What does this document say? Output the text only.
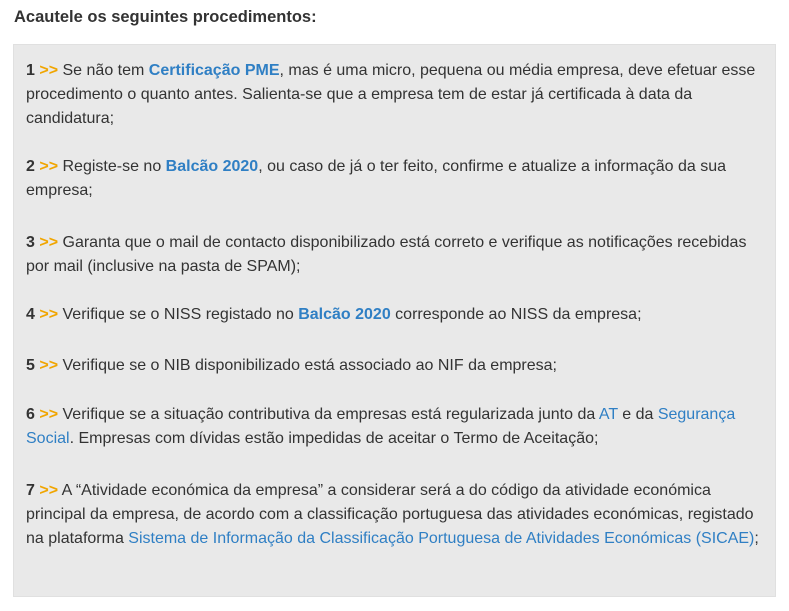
Acautele os seguintes procedimentos:
1 >> Se não tem Certificação PME, mas é uma micro, pequena ou média empresa, deve efetuar esse procedimento o quanto antes. Salienta-se que a empresa tem de estar já certificada à data da candidatura;
2 >> Registe-se no Balcão 2020, ou caso de já o ter feito, confirme e atualize a informação da sua empresa;
3 >> Garanta que o mail de contacto disponibilizado está correto e verifique as notificações recebidas por mail (inclusive na pasta de SPAM);
4 >> Verifique se o NISS registado no Balcão 2020 corresponde ao NISS da empresa;
5 >> Verifique se o NIB disponibilizado está associado ao NIF da empresa;
6 >> Verifique se a situação contributiva da empresas está regularizada junto da AT e da Segurança Social. Empresas com dívidas estão impedidas de aceitar o Termo de Aceitação;
7 >> A “Atividade económica da empresa” a considerar será a do código da atividade económica principal da empresa, de acordo com a classificação portuguesa das atividades económicas, registado na plataforma Sistema de Informação da Classificação Portuguesa de Atividades Económicas (SICAE);
